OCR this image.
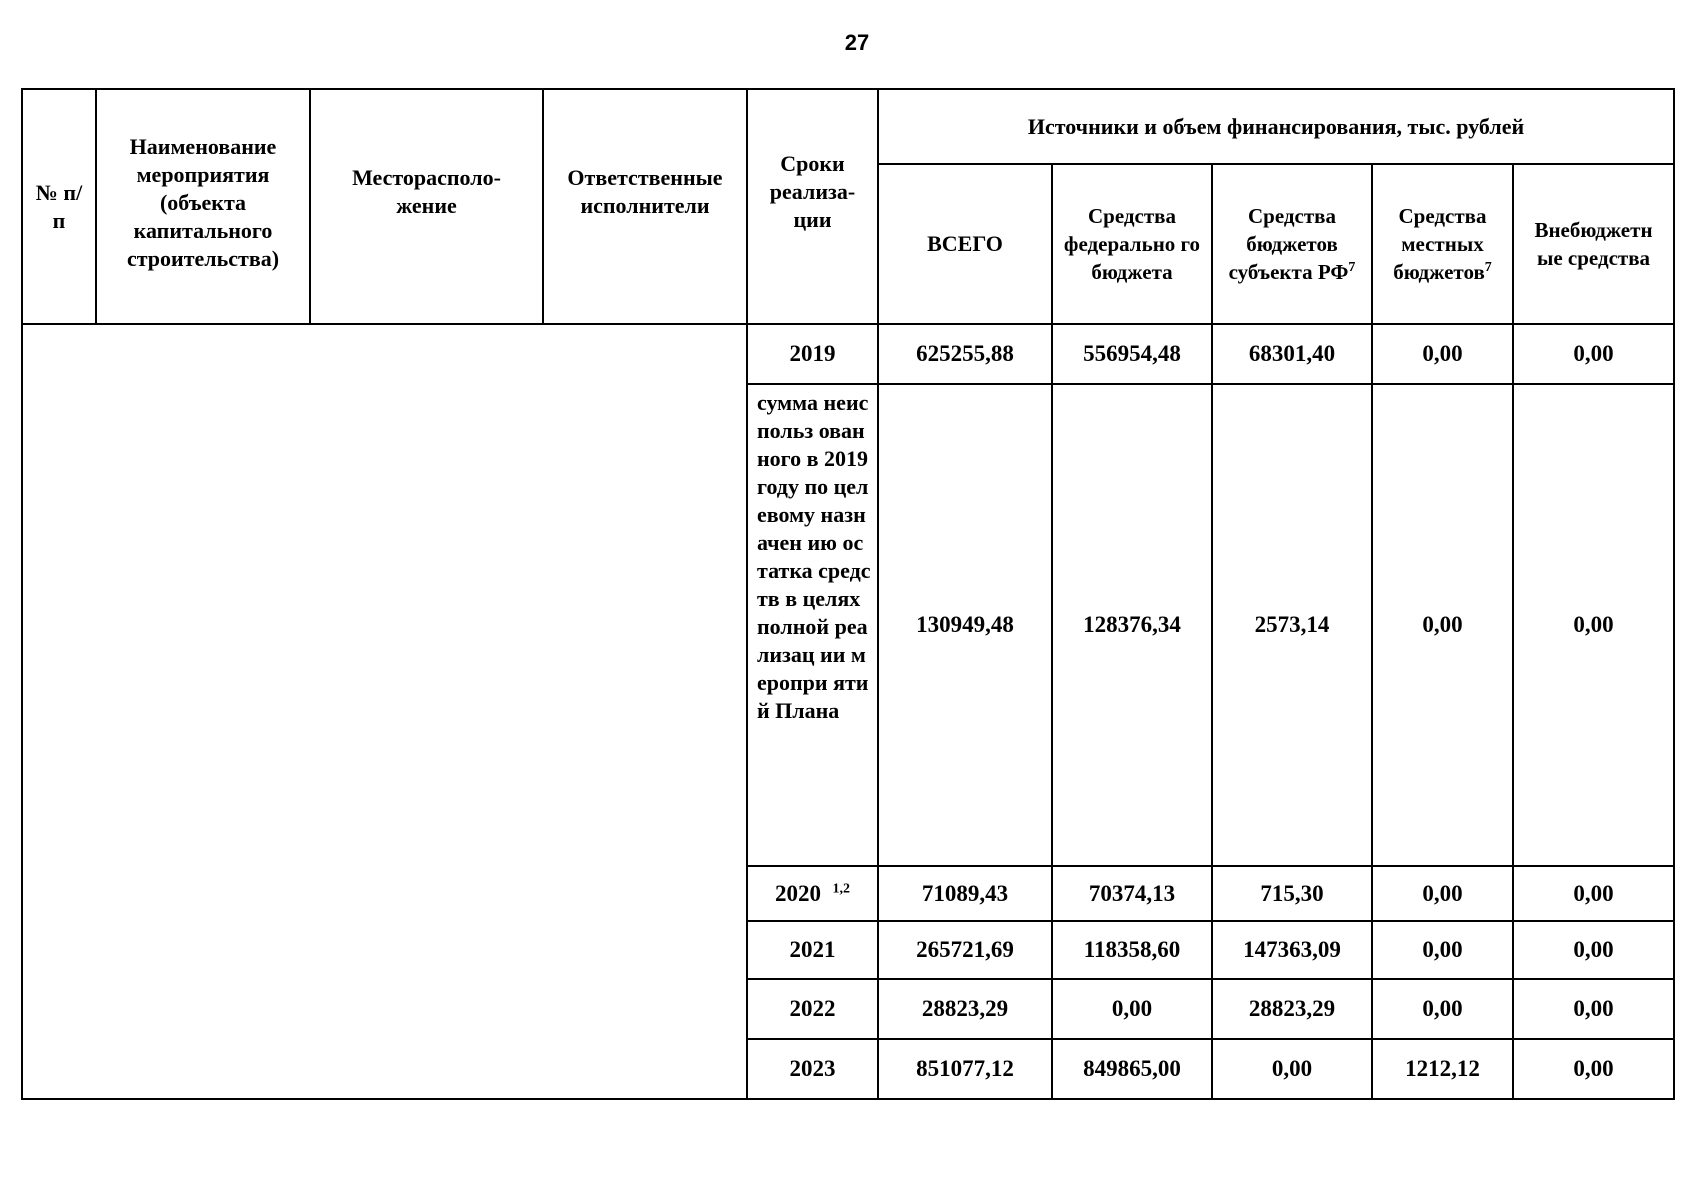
27
№ п/п	Наименование мероприятия (объекта капитального строительства)	Месторасполо-жение	Ответственные исполнители	Сроки реализа-ции	Источники и объем финансирования, тыс. рублей				
					ВСЕГО	Средства федерально го бюджета	Средства бюджетов субъекта $РФ^7$	Средства местных бюджетов$^7$	Внебюджетн ые средства
				2019	625255,88	556954,48	68301,40	0,00	0,00
				сумма неиспольз ованного в 2019 году по целевому назначен ию остатка средств в целях полной реализац ии меропри ятий Плана	130949,48	128376,34	2573,14	0,00	0,00
				2020 $^{1,2}$	71089,43	70374,13	715,30	0,00	0,00
				2021	265721,69	118358,60	147363,09	0,00	0,00
				2022	28823,29	0,00	28823,29	0,00	0,00
				2023	851077,12	849865,00	0,00	1212,12	0,00
